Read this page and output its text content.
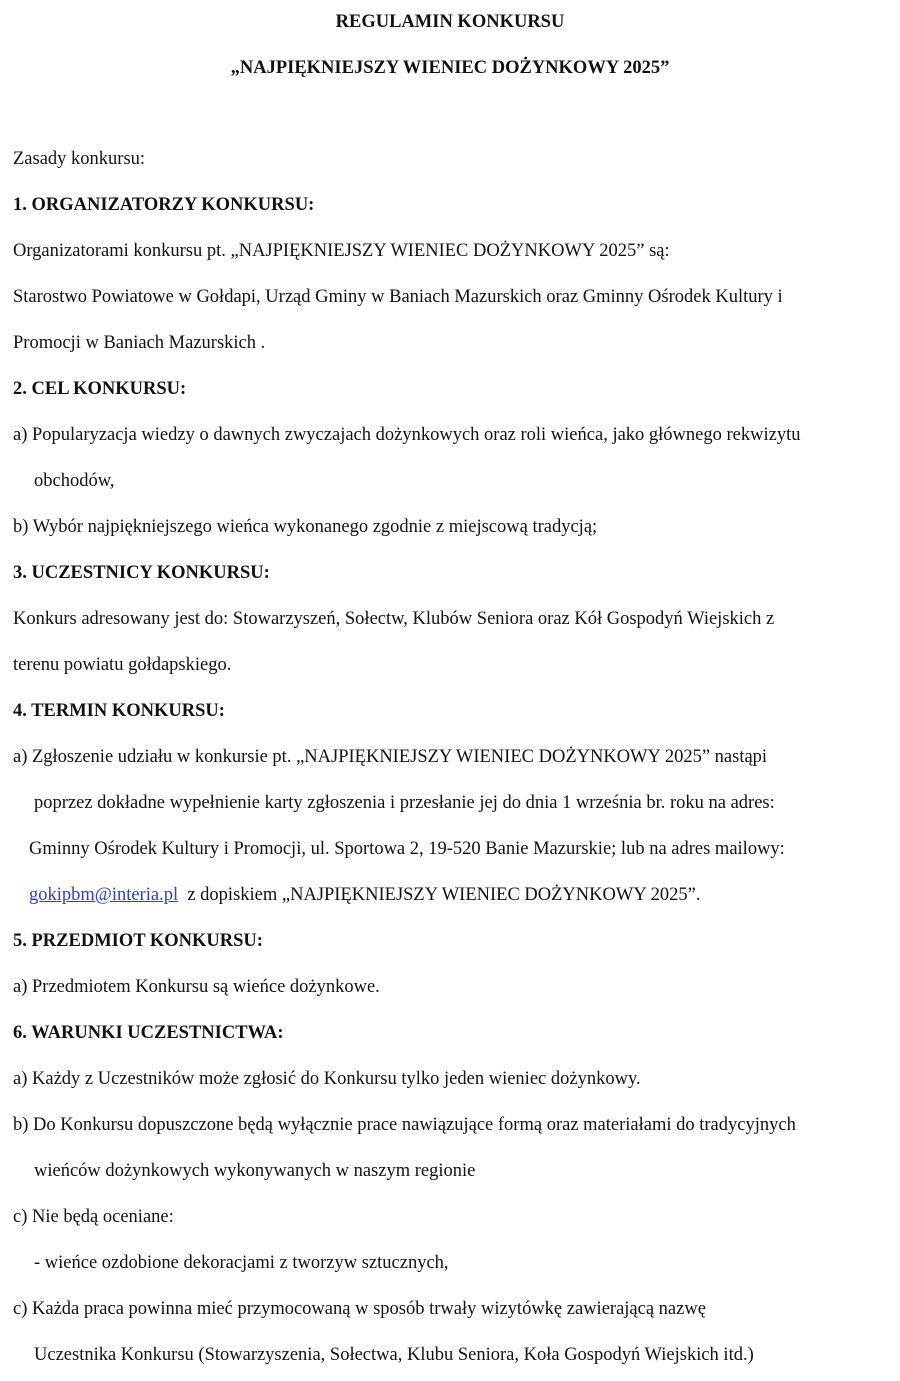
REGULAMIN KONKURSU
„NAJPIĘKNIEJSZY WIENIEC DOŻYNKOWY 2025”
Zasady konkursu:
1. ORGANIZATORZY KONKURSU:
Organizatorami konkursu pt. „NAJPIĘKNIEJSZY WIENIEC DOŻYNKOWY 2025” są:
Starostwo Powiatowe w Gołdapi, Urząd Gminy w Baniach Mazurskich oraz Gminny Ośrodek Kultury i
Promocji w Baniach Mazurskich .
2. CEL KONKURSU:
a) Popularyzacja wiedzy o dawnych zwyczajach dożynkowych oraz roli wieńca, jako głównego rekwizytu
obchodów,
b) Wybór najpiękniejszego wieńca wykonanego zgodnie z miejscową tradycją;
3. UCZESTNICY KONKURSU:
Konkurs adresowany jest do: Stowarzyszeń, Sołectw, Klubów Seniora oraz Kół Gospodyń Wiejskich z
terenu powiatu gołdapskiego.
4. TERMIN KONKURSU:
a) Zgłoszenie udziału w konkursie pt. „NAJPIĘKNIEJSZY WIENIEC DOŻYNKOWY 2025” nastąpi
poprzez dokładne wypełnienie karty zgłoszenia i przesłanie jej do dnia 1 września br. roku na adres:
Gminny Ośrodek Kultury i Promocji, ul. Sportowa 2, 19-520 Banie Mazurskie; lub na adres mailowy:
gokipbm@interia.pl  z dopiskiem „NAJPIĘKNIEJSZY WIENIEC DOŻYNKOWY 2025”.
5. PRZEDMIOT KONKURSU:
a) Przedmiotem Konkursu są wieńce dożynkowe.
6. WARUNKI UCZESTNICTWA:
a) Każdy z Uczestników może zgłosić do Konkursu tylko jeden wieniec dożynkowy.
b) Do Konkursu dopuszczone będą wyłącznie prace nawiązujące formą oraz materiałami do tradycyjnych
wieńców dożynkowych wykonywanych w naszym regionie
c) Nie będą oceniane:
- wieńce ozdobione dekoracjami z tworzyw sztucznych,
c) Każda praca powinna mieć przymocowaną w sposób trwały wizytówkę zawierającą nazwę
Uczestnika Konkursu (Stowarzyszenia, Sołectwa, Klubu Seniora, Koła Gospodyń Wiejskich itd.)
